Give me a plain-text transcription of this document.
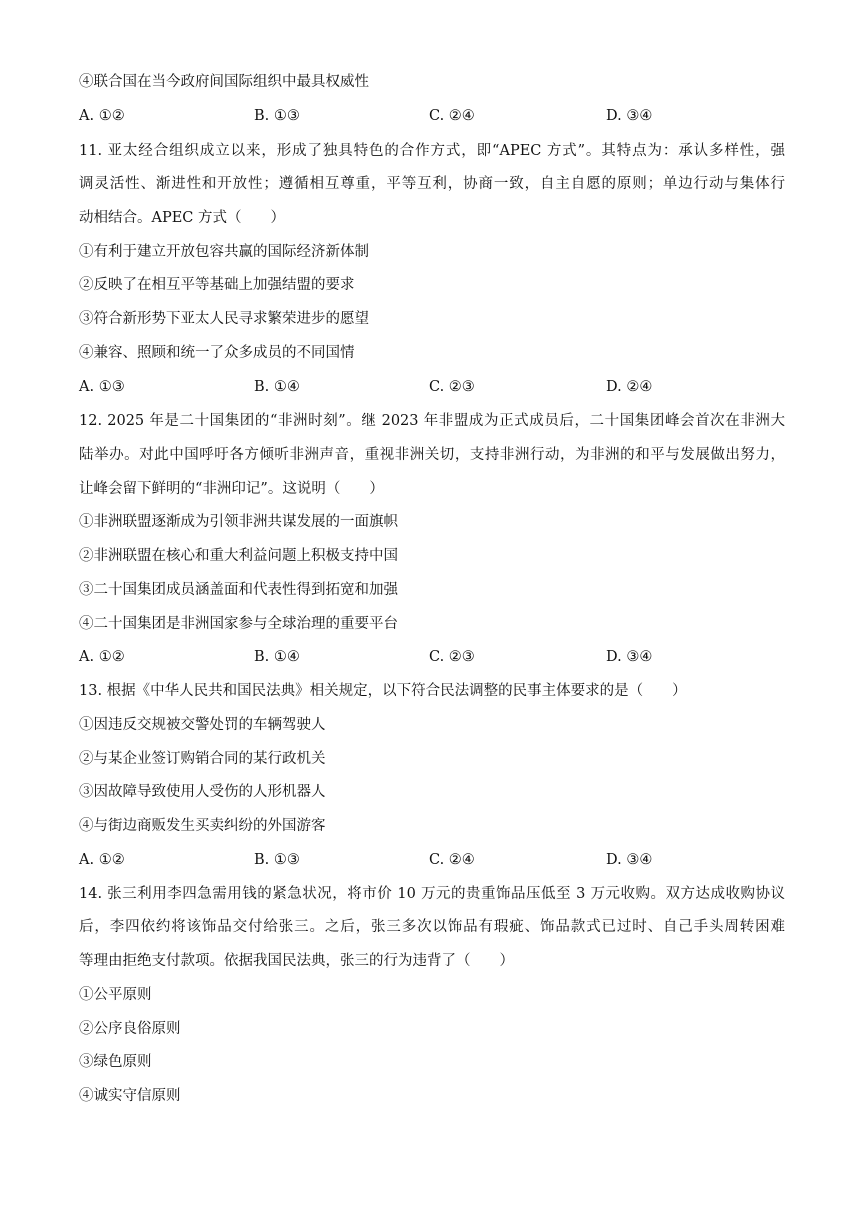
④联合国在当今政府间国际组织中最具权威性
A. ①②	B. ①③	C. ②④	D. ③④
11. 亚太经合组织成立以来，形成了独具特色的合作方式，即“APEC 方式”。其特点为：承认多样性，强
调灵活性、渐进性和开放性；遵循相互尊重，平等互利，协商一致，自主自愿的原则；单边行动与集体行
动相结合。APEC 方式（　　）
①有利于建立开放包容共赢的国际经济新体制
②反映了在相互平等基础上加强结盟的要求
③符合新形势下亚太人民寻求繁荣进步的愿望
④兼容、照顾和统一了众多成员的不同国情
A. ①③	B. ①④	C. ②③	D. ②④
12. 2025 年是二十国集团的“非洲时刻”。继 2023 年非盟成为正式成员后，二十国集团峰会首次在非洲大
陆举办。对此中国呼吁各方倾听非洲声音，重视非洲关切，支持非洲行动，为非洲的和平与发展做出努力，
让峰会留下鲜明的“非洲印记”。这说明（　　）
①非洲联盟逐渐成为引领非洲共谋发展的一面旗帜
②非洲联盟在核心和重大利益问题上积极支持中国
③二十国集团成员涵盖面和代表性得到拓宽和加强
④二十国集团是非洲国家参与全球治理的重要平台
A. ①②	B. ①④	C. ②③	D. ③④
13. 根据《中华人民共和国民法典》相关规定，以下符合民法调整的民事主体要求的是（　　）
①因违反交规被交警处罚的车辆驾驶人
②与某企业签订购销合同的某行政机关
③因故障导致使用人受伤的人形机器人
④与街边商贩发生买卖纠纷的外国游客
A. ①②	B. ①③	C. ②④	D. ③④
14. 张三利用李四急需用钱的紧急状况，将市价 10 万元的贵重饰品压低至 3 万元收购。双方达成收购协议
后，李四依约将该饰品交付给张三。之后，张三多次以饰品有瑕疵、饰品款式已过时、自己手头周转困难
等理由拒绝支付款项。依据我国民法典，张三的行为违背了（　　）
①公平原则
②公序良俗原则
③绿色原则
④诚实守信原则
